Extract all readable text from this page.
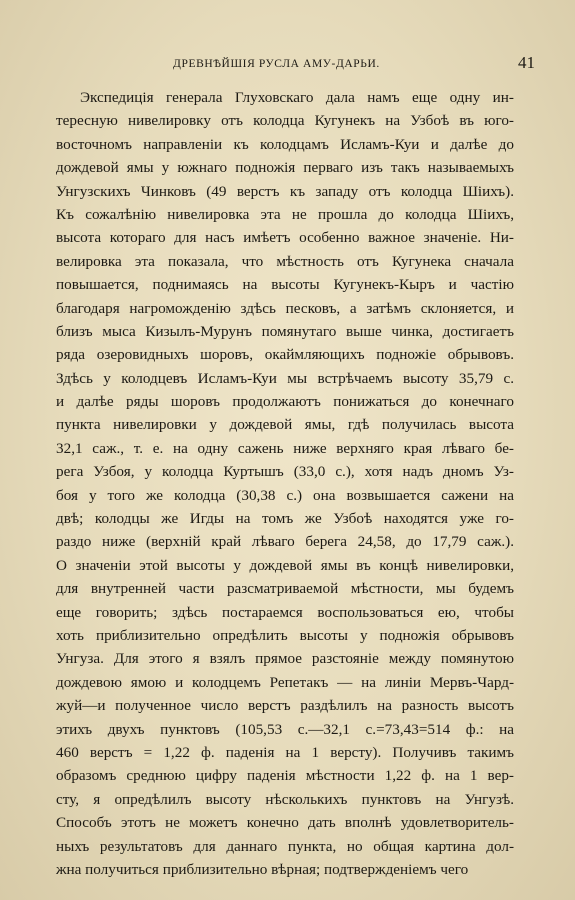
ДРЕВНѢЙШІЯ РУСЛА АМУ-ДАРЬИ.	41
Экспедиція генерала Глуховскаго дала намъ еще одну ин-
тересную нивелировку отъ колодца Кугунекъ на Узбоѣ въ юго-
восточномъ направленіи къ колодцамъ Исламъ-Куи и далѣе до
дождевой ямы у южнаго подножія перваго изъ такъ называемыхъ
Унгузскихъ Чинковъ (49 верстъ къ западу отъ колодца Шіихъ).
Къ сожалѣнію нивелировка эта не прошла до колодца Шіихъ,
высота котораго для насъ имѣетъ особенно важное значеніе. Ни-
велировка эта показала, что мѣстность отъ Кугунека сначала
повышается, поднимаясь на высоты Кугунекъ-Кыръ и частію
благодаря нагроможденію здѣсь песковъ, а затѣмъ склоняется, и
близъ мыса Кизылъ-Мурунъ помянутаго выше чинка, достигаетъ
ряда озеровидныхъ шоровъ, окаймляющихъ подножіе обрывовъ.
Здѣсь у колодцевъ Исламъ-Куи мы встрѣчаемъ высоту 35,79 с.
и далѣе ряды шоровъ продолжаютъ понижаться до конечнаго
пункта нивелировки у дождевой ямы, гдѣ получилась высота
32,1 саж., т. е. на одну сажень ниже верхняго края лѣваго бе-
рега Узбоя, у колодца Куртышъ (33,0 с.), хотя надъ дномъ Уз-
боя у того же колодца (30,38 с.) она возвышается сажени на
двѣ; колодцы же Игды на томъ же Узбоѣ находятся уже го-
раздо ниже (верхній край лѣваго берега 24,58, до 17,79 саж.).
О значеніи этой высоты у дождевой ямы въ концѣ нивелировки,
для внутренней части разсматриваемой мѣстности, мы будемъ
еще говорить; здѣсь постараемся воспользоваться ею, чтобы
хоть приблизительно опредѣлить высоты у подножія обрывовъ
Унгуза. Для этого я взялъ прямое разстояніе между помянутою
дождевою ямою и колодцемъ Репетакъ — на линіи Мервъ-Чард-
жуй—и полученное число верстъ раздѣлилъ на разность высотъ
этихъ двухъ пунктовъ (105,53 с.—32,1 с.=73,43=514 ф.: на
460 верстъ = 1,22 ф. паденія на 1 версту). Получивъ такимъ
образомъ среднюю цифру паденія мѣстности 1,22 ф. на 1 вер-
сту, я опредѣлилъ высоту нѣсколькихъ пунктовъ на Унгузѣ.
Способъ этотъ не можетъ конечно дать вполнѣ удовлетворитель-
ныхъ результатовъ для даннаго пункта, но общая картина дол-
жна получиться приблизительно вѣрная; подтвержденіемъ чего
